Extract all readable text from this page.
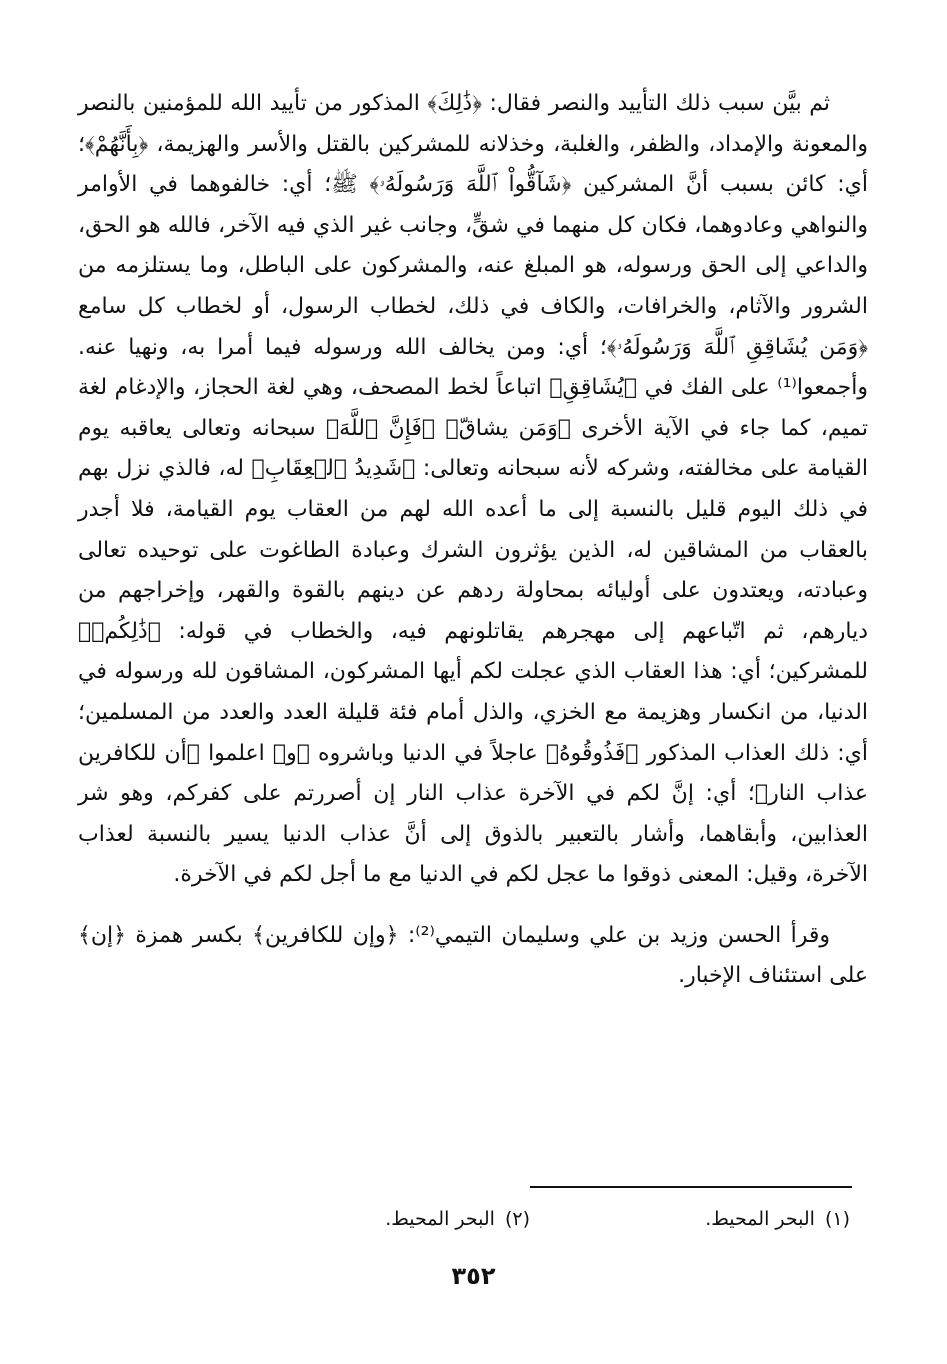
ثم بيَّن سبب ذلك التأييد والنصر فقال: ﴿ذَٰلِكَ﴾ المذكور من تأييد الله للمؤمنين بالنصر والمعونة والإمداد، والظفر، والغلبة، وخذلانه للمشركين بالقتل والأسر والهزيمة، ﴿بِأَنَّهُمْ﴾؛ أي: كائن بسبب أنَّ المشركين ﴿شَآقُّواْ ٱللَّهَ وَرَسُولَهُۥ﴾ ﷺ؛ أي: خالفوهما في الأوامر والنواهي وعادوهما، فكان كل منهما في شقٍّ، وجانب غير الذي فيه الآخر، فالله هو الحق، والداعي إلى الحق ورسوله، هو المبلغ عنه، والمشركون على الباطل، وما يستلزمه من الشرور والآثام، والخرافات، والكاف في ذلك، لخطاب الرسول، أو لخطاب كل سامع ﴿وَمَن يُشَاقِقِ ٱللَّهَ وَرَسُولَهُۥ﴾؛ أي: ومن يخالف الله ورسوله فيما أمرا به، ونهيا عنه. وأجمعوا⁽¹⁾ على الفك في ﴿يُشَاقِقِ﴾ اتباعاً لخط المصحف، وهي لغة الحجاز، والإدغام لغة تميم، كما جاء في الآية الأخرى ﴿وَمَن يشاقّ﴾ ﴿فَإِنَّ ٱللَّهَ﴾ سبحانه وتعالى يعاقبه يوم القيامة على مخالفته، وشركه لأنه سبحانه وتعالى: ﴿شَدِيدُ ٱلۡعِقَابِ﴾ له، فالذي نزل بهم في ذلك اليوم قليل بالنسبة إلى ما أعده الله لهم من العقاب يوم القيامة، فلا أجدر بالعقاب من المشاقين له، الذين يؤثرون الشرك وعبادة الطاغوت على توحيده تعالى وعبادته، ويعتدون على أوليائه بمحاولة ردهم عن دينهم بالقوة والقهر، وإخراجهم من ديارهم، ثم اتّباعهم إلى مهجرهم يقاتلونهم فيه، والخطاب في قوله: ﴿ذَٰلِكُمۡ﴾ للمشركين؛ أي: هذا العقاب الذي عجلت لكم أيها المشركون، المشاقون لله ورسوله في الدنيا، من انكسار وهزيمة مع الخزي، والذل أمام فئة قليلة العدد والعدد من المسلمين؛ أي: ذلك العذاب المذكور ﴿فَذُوقُوهُ﴾ عاجلاً في الدنيا وباشروه ﴿و﴾ اعلموا ﴿أن للكافرين عذاب النار﴾؛ أي: إنَّ لكم في الآخرة عذاب النار إن أصررتم على كفركم، وهو شر العذابين، وأبقاهما، وأشار بالتعبير بالذوق إلى أنَّ عذاب الدنيا يسير بالنسبة لعذاب الآخرة، وقيل: المعنى ذوقوا ما عجل لكم في الدنيا مع ما أجل لكم في الآخرة.

وقرأ الحسن وزيد بن علي وسليمان التيمي⁽²⁾: ﴿وإن للكافرين﴾ بكسر همزة ﴿إن﴾ على استئناف الإخبار.

(١)البحر المحيط.
(٢)البحر المحيط.
٣٥٢
